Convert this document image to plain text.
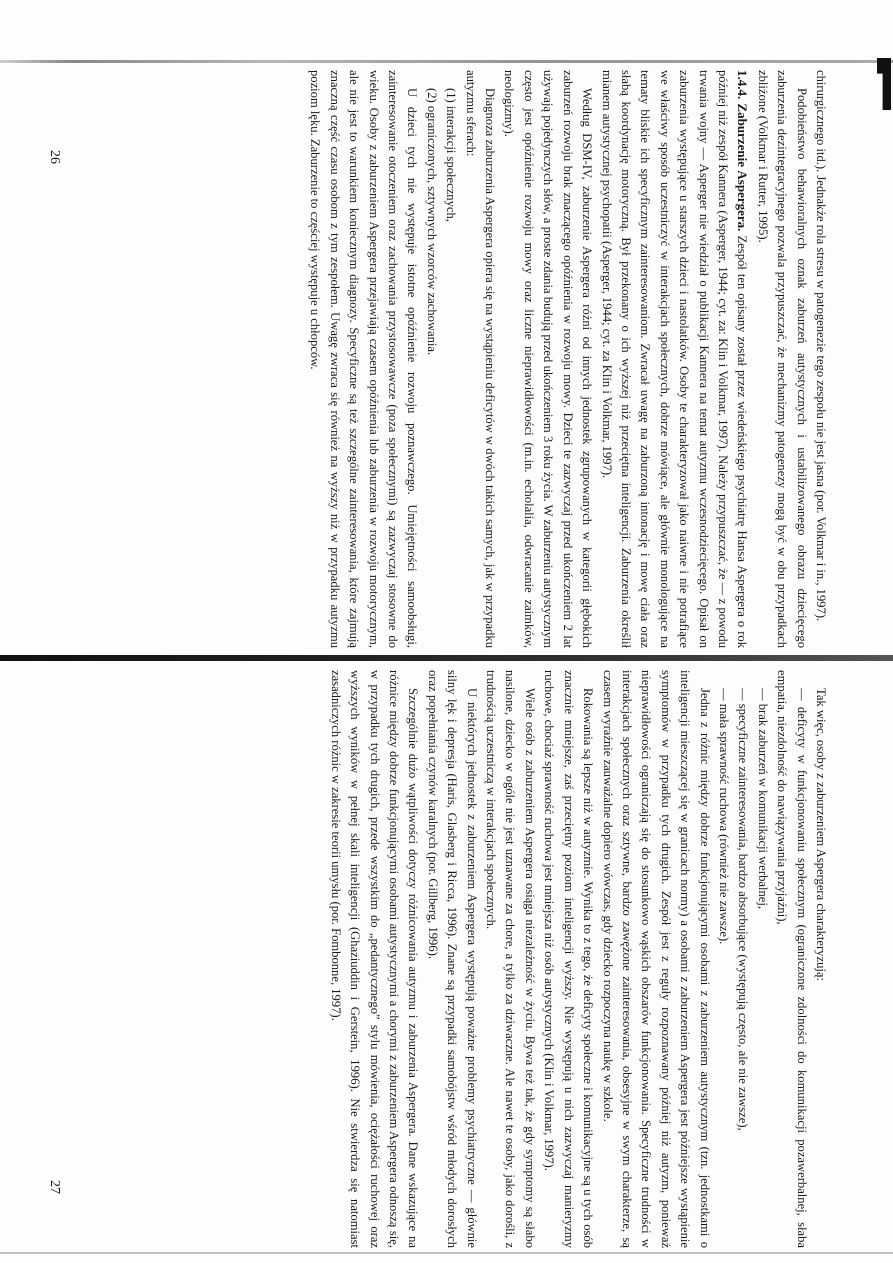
chirurgicznego itd.). Jednakże rola stresu w patogenezie tego zespołu nie jest jasna (por. Volkmar i in., 1997).

Podobieństwo behawioralnych oznak zaburzeń autystycznych i ustabilizowanego obrazu dziecięcego zaburzenia dezintegracyjnego pozwala przypuszczać, że mechanizmy patogenezy mogą być w obu przypadkach zbliżone (Volkmar i Rutter, 1995).

1.4.4. Zaburzenie Aspergera. Zespół ten opisany został przez wiedeńskiego psychiatrę Hansa Aspergera o rok później niż zespół Kannera (Asperger, 1944; cyt. za: Klin i Volkmar, 1997). Należy przypuszczać, że — z powodu trwania wojny — Asperger nie wiedział o publikacji Kannera na temat autyzmu wczesnodziecięcego. Opisał on zaburzenia występujące u starszych dzieci i nastolatków. Osoby te charakteryzował jako naiwne i nie potrafiące we właściwy sposób uczestniczyć w interakcjach społecznych, dobrze mówiące, ale głównie monologujące na tematy bliskie ich specyficznym zainteresowaniom. Zwracał uwagę na zaburzoną intonację i mowę ciała oraz słabą koordynację motoryczną. Był przekonany o ich wyższej niż przeciętna inteligencji. Zaburzenia określił mianem autystycznej psychopatii (Asperger, 1944; cyt. za Klin i Volkmar, 1997).

Według DSM-IV, zaburzenie Aspergera różni od innych jednostek zgrupowanych w kategorii głębokich zaburzeń rozwoju brak znaczącego opóźnienia w rozwoju mowy. Dzieci te zazwyczaj przed ukończeniem 2 lat używają pojedynczych słów, a proste zdania budują przed ukończeniem 3 roku życia. W zaburzeniu autystycznym często jest opóźnienie rozwoju mowy oraz liczne nieprawidłowości (m.in. echolalia, odwracanie zaimków, neologizmy).

Diagnoza zaburzenia Aspergera opiera się na wystąpieniu deficytów w dwóch takich samych, jak w przypadku autyzmu sferach:

(1) interakcji społecznych,

(2) ograniczonych, sztywnych wzorców zachowania.

U dzieci tych nie występuje istotne opóźnienie rozwoju poznawczego. Umiejętności samoobsługi, zainteresowanie otoczeniem oraz zachowania przystosowawcze (poza społecznymi) są zazwyczaj stosowne do wieku. Osoby z zaburzeniem Aspergera przejawiają czasem opóźnienia lub zaburzenia w rozwoju motorycznym, ale nie jest to warunkiem koniecznym diagnozy. Specyficzne są też szczególne zainteresowania, które zajmują znaczną część czasu osobom z tym zespołem. Uwagę zwraca się również na wyższy niż w przypadku autyzmu poziom lęku. Zaburzenie to częściej występuje u chłopców.

26

Tak więc, osoby z zaburzeniem Aspergera charakteryzują:

— deficyty w funkcjonowaniu społecznym (ograniczone zdolności do komunikacji pozawerbalnej, słaba empatia, niezdolność do nawiązywania przyjaźni),

— brak zaburzeń w komunikacji werbalnej,

— specyficzne zainteresowania, bardzo absorbujące (występują często, ale nie zawsze),

— mała sprawność ruchowa (również nie zawsze).

Jedna z różnic między dobrze funkcjonującymi osobami z zaburzeniem autystycznym (tzn. jednostkami o inteligencji mieszczącej się w granicach normy) a osobami z zaburzeniem Aspergera jest późniejsze wystąpienie symptomów w przypadku tych drugich. Zespół jest z reguły rozpoznawany później niż autyzm, ponieważ nieprawidłowości ograniczają się do stosunkowo wąskich obszarów funkcjonowania. Specyficzne trudności w interakcjach społecznych oraz sztywne, bardzo zawężone zainteresowania, obsesyjne w swym charakterze, są czasem wyraźnie zauważalne dopiero wówczas, gdy dziecko rozpoczyna naukę w szkole.

Rokowania są lepsze niż w autyzmie. Wynika to z tego, że deficyty społeczne i komunikacyjne są u tych osób znacznie mniejsze, zaś przeciętny poziom inteligencji wyższy. Nie występują u nich zazwyczaj manieryzmy ruchowe, chociaż sprawność ruchowa jest mniejsza niż osób autystycznych (Klin i Volkmar, 1997).

Wiele osób z zaburzeniem Aspergera osiąga niezależność w życiu. Bywa też tak, że gdy symptomy są słabo nasilone, dziecko w ogóle nie jest uznawane za chore, a tylko za dziwaczne. Ale nawet te osoby, jako dorośli, z trudnością uczestniczą w interakcjach społecznych.

U niektórych jednostek z zaburzeniem Aspergera występują poważne problemy psychiatryczne — głównie silny lęk i depresja (Haris, Glasberg i Ricca, 1996). Znane są przypadki samobójstw wśród młodych dorosłych oraz popełniania czynów karalnych (por. Gillberg, 1996).

Szczególnie dużo wątpliwości dotyczy różnicowania autyzmu i zaburzenia Aspergera. Dane wskazujące na różnice między dobrze funkcjonującymi osobami autystycznymi a chorymi z zaburzeniem Aspergera odnoszą się, w przypadku tych drugich, przede wszystkim do „pedantycznego” stylu mówienia, ociężałości ruchowej oraz wyższych wyników w pełnej skali inteligencji (Ghaziuddin i Gerstein, 1996). Nie stwierdza się natomiast zasadniczych różnic w zakresie teorii umysłu (por. Fombonne, 1997).

27
